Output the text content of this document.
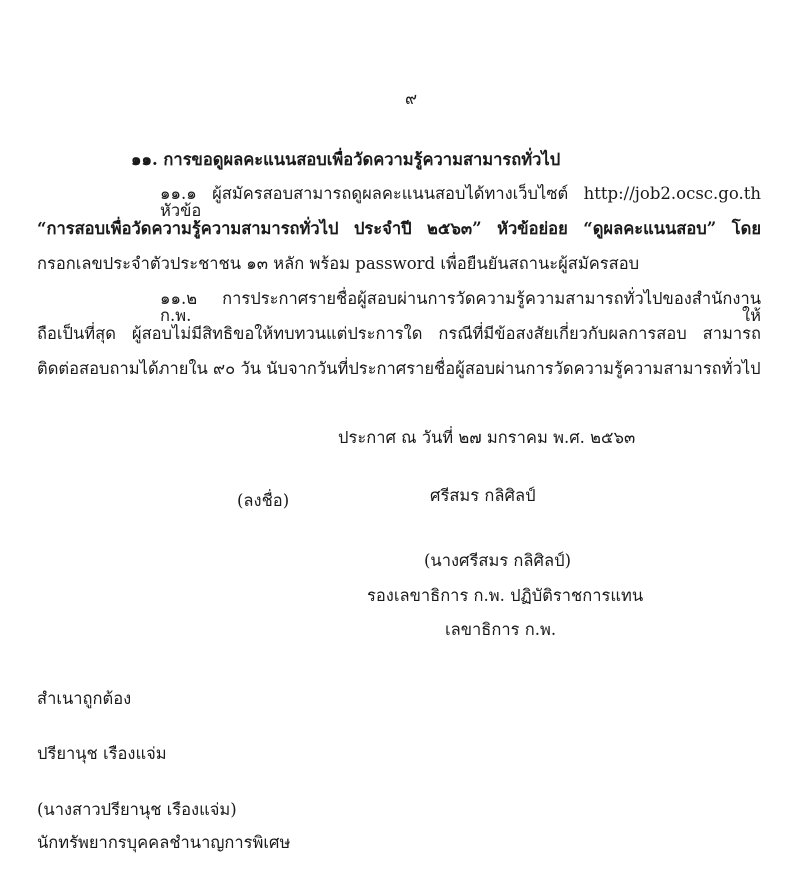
๙
๑๑. การขอดูผลคะแนนสอบเพื่อวัดความรู้ความสามารถทั่วไป
๑๑.๑ ผู้สมัครสอบสามารถดูผลคะแนนสอบได้ทางเว็บไซต์ http://job2.ocsc.go.th หัวข้อ
“การสอบเพื่อวัดความรู้ความสามารถทั่วไป ประจำปี ๒๕๖๓” หัวข้อย่อย “ดูผลคะแนนสอบ” โดย
กรอกเลขประจำตัวประชาชน ๑๓ หลัก พร้อม password เพื่อยืนยันสถานะผู้สมัครสอบ
๑๑.๒ การประกาศรายชื่อผู้สอบผ่านการวัดความรู้ความสามารถทั่วไปของสำนักงาน ก.พ. ให้
ถือเป็นที่สุด ผู้สอบไม่มีสิทธิขอให้ทบทวนแต่ประการใด กรณีที่มีข้อสงสัยเกี่ยวกับผลการสอบ สามารถ
ติดต่อสอบถามได้ภายใน ๙๐ วัน นับจากวันที่ประกาศรายชื่อผู้สอบผ่านการวัดความรู้ความสามารถทั่วไป
ประกาศ ณ วันที่ ๒๗ มกราคม พ.ศ. ๒๕๖๓
(ลงชื่อ)	ศรีสมร กลิศิลป์
(นางศรีสมร กลิศิลป์)
รองเลขาธิการ ก.พ. ปฏิบัติราชการแทน
เลขาธิการ ก.พ.
สำเนาถูกต้อง
ปรียานุช เรืองแจ่ม
(นางสาวปรียานุช เรืองแจ่ม)
นักทรัพยากรบุคคลชำนาญการพิเศษ
